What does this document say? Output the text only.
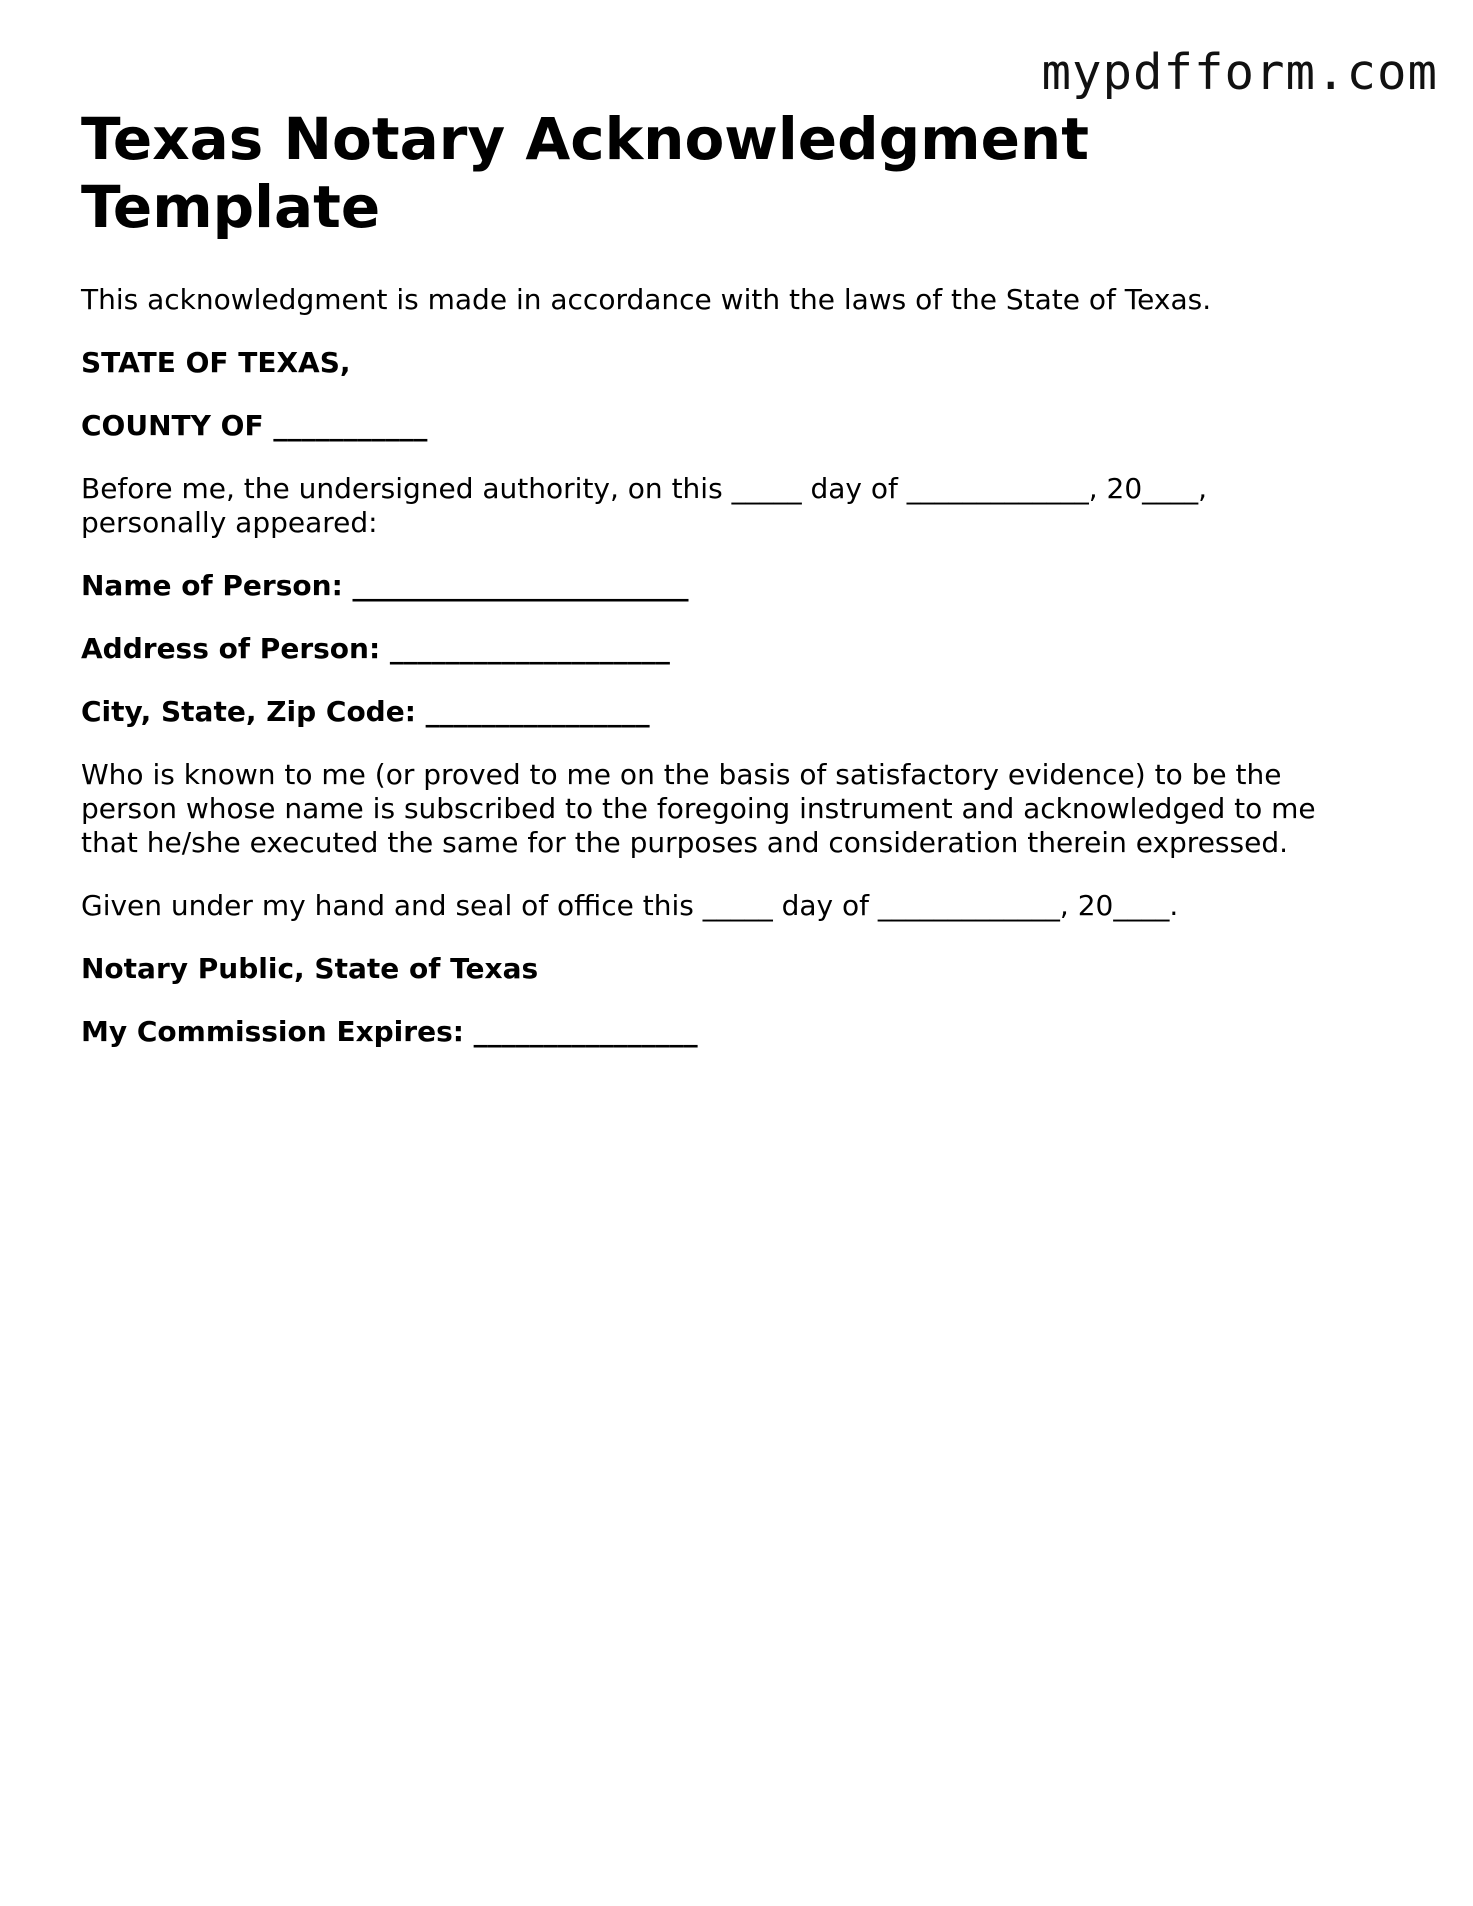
mypdfform.com
Texas Notary Acknowledgment Template

This acknowledgment is made in accordance with the laws of the State of Texas.

STATE OF TEXAS,

COUNTY OF ___________

Before me, the undersigned authority, on this _____ day of _____________, 20____,
personally appeared:

Name of Person: ________________________

Address of Person: ____________________

City, State, Zip Code: ________________

Who is known to me (or proved to me on the basis of satisfactory evidence) to be the
person whose name is subscribed to the foregoing instrument and acknowledged to me
that he/she executed the same for the purposes and consideration therein expressed.

Given under my hand and seal of office this _____ day of _____________, 20____.

Notary Public, State of Texas

My Commission Expires: ________________
